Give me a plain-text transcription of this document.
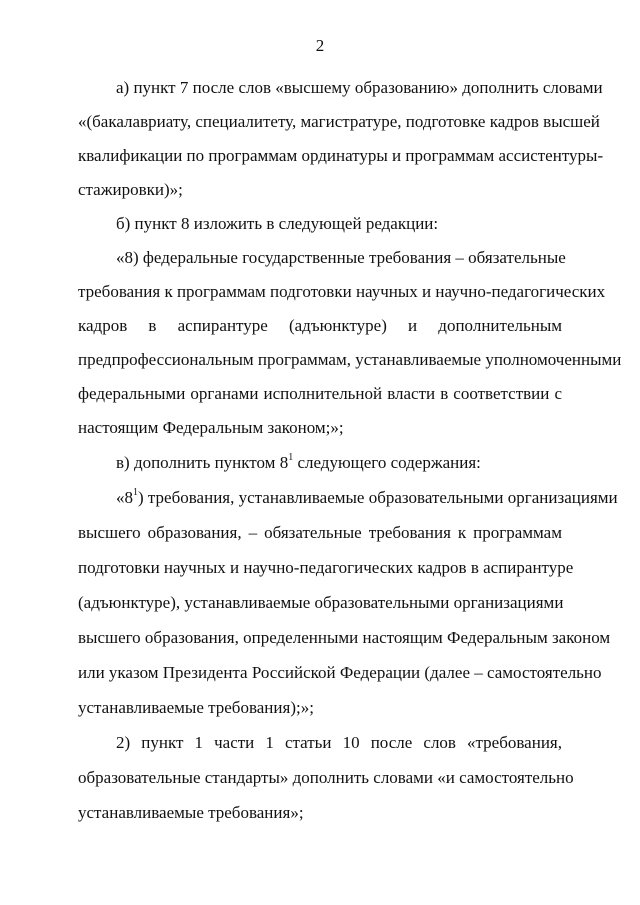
2
а) пункт 7 после слов «высшему образованию» дополнить словами
«(бакалавриату, специалитету, магистратуре, подготовке кадров высшей
квалификации по программам ординатуры и программам ассистентуры-
стажировки)»;
б) пункт 8 изложить в следующей редакции:
«8) федеральные государственные требования – обязательные
требования к программам подготовки научных и научно-педагогических
кадров в аспирантуре (адъюнктуре) и дополнительным
предпрофессиональным программам, устанавливаемые уполномоченными
федеральными органами исполнительной власти в соответствии с
настоящим Федеральным законом;»;
в) дополнить пунктом $8^1$ следующего содержания:
«$8^1$) требования, устанавливаемые образовательными организациями
высшего образования, – обязательные требования к программам
подготовки научных и научно-педагогических кадров в аспирантуре
(адъюнктуре), устанавливаемые образовательными организациями
высшего образования, определенными настоящим Федеральным законом
или указом Президента Российской Федерации (далее – самостоятельно
устанавливаемые требования);»;
2) пункт 1 части 1 статьи 10 после слов «требования,
образовательные стандарты» дополнить словами «и самостоятельно
устанавливаемые требования»;
